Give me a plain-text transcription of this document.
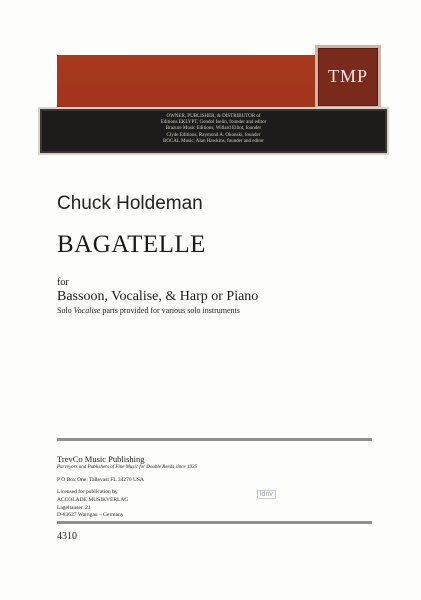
TMP
OWNER, PUBLISHER, & DISTRIBUTOR of
Editions EKLYPT, Gondol Iselin, founder and editor
Brazure Music Editions, Willard Elliot, founder
Clyde Editions, Raymond A. Okonski, founder
BOCAL Music, Alan Hawkins, founder and editor
Chuck Holdeman
BAGATELLE
for
Bassoon, Vocalise, & Harp or Piano
Solo Vocalise parts provided for various solo instruments
TrevCo Music Publishing
Purveyors and Publishers of Fine Music for Double Reeds since 1935
P O Box One: Tallevast FL 34270 USA
Licensed for publication by
ACCOLADE MUSIKVERLAG
Lageltauser. 21
D-83627 Warngau – Germany
ldnv
4310
